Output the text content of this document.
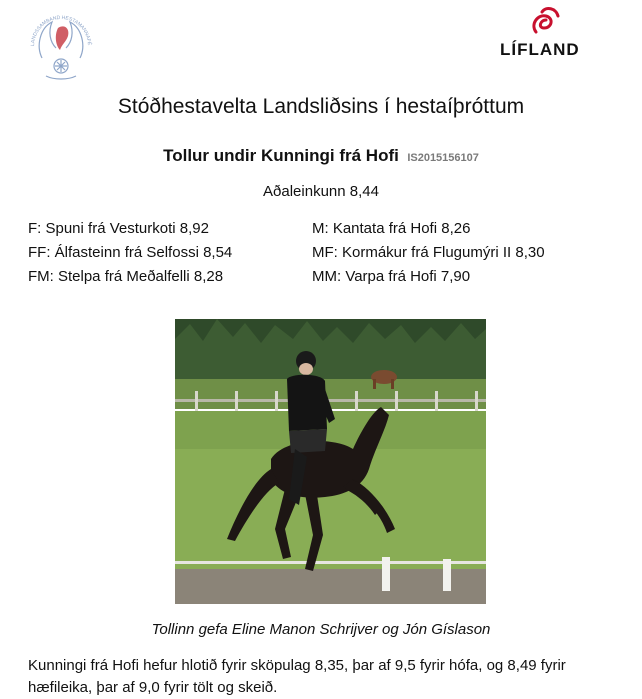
LANDSSAMBAND HESTAMANNAFÉ	LÍFLAND
Stóðhestavelta Landsliðsins í hestaíþróttum
Tollur undir Kunningi frá Hofi IS2015156107
Aðaleinkunn 8,44
F: Spuni frá Vesturkoti 8,92
FF: Álfasteinn frá Selfossi 8,54
FM: Stelpa frá Meðalfelli 8,28
M: Kantata frá Hofi 8,26
MF: Kormákur frá Flugumýri II 8,30
MM: Varpa frá Hofi 7,90
Tollinn gefa Eline Manon Schrijver og Jón Gíslason
Kunningi frá Hofi hefur hlotið fyrir sköpulag 8,35, þar af 9,5 fyrir hófa, og 8,49 fyrir hæfileika, þar af 9,0 fyrir tölt og skeið.
